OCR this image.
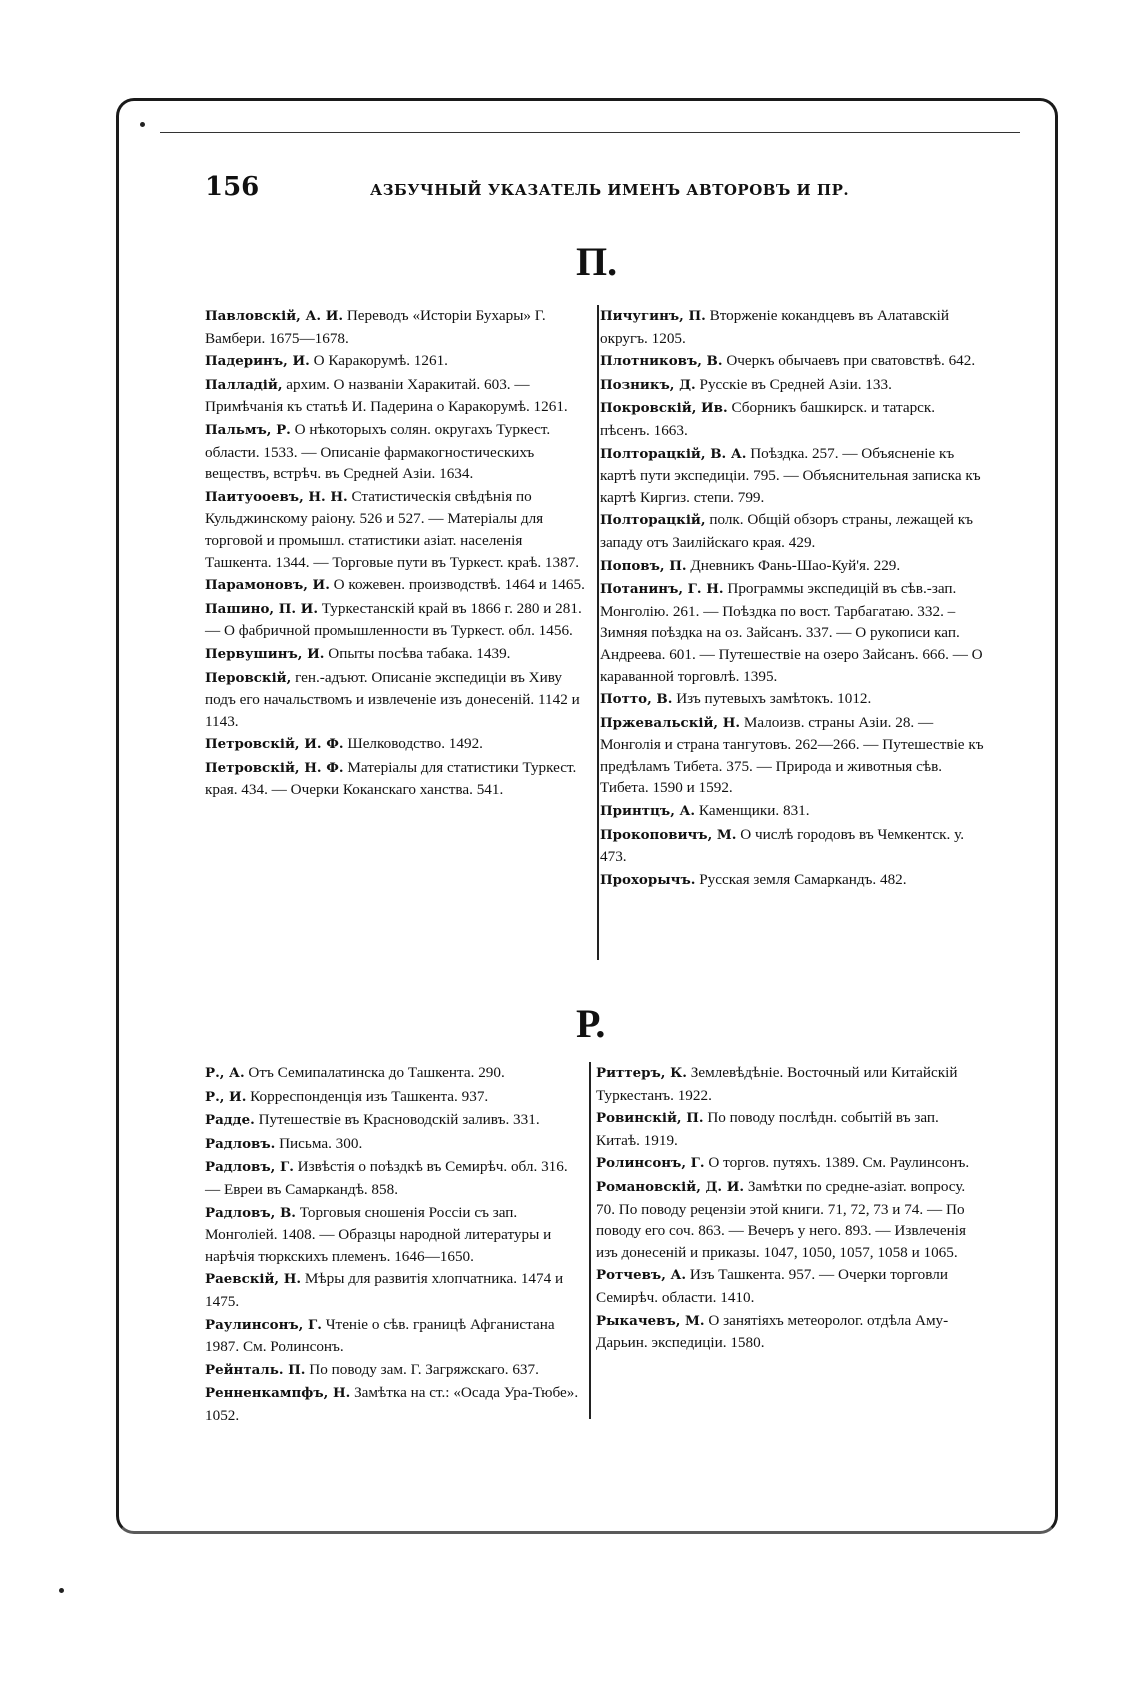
156	АЗБУЧНЫЙ УКАЗАТЕЛЬ ИМЕНЪ АВТОРОВЪ И ПР.
П.

Павловскій, А. И. Переводъ «Исторіи Бухары» Г. Вамбери. 1675—1678.

Падеринъ, И. О Каракорумѣ. 1261.

Палладій, архим. О названіи Харакитай. 603. — Примѣчанія къ статьѣ И. Падерина о Каракорумѣ. 1261.

Пальмъ, Р. О нѣкоторыхъ солян. округахъ Туркест. области. 1533. — Описаніе фармакогностическихъ веществъ, встрѣч. въ Средней Азіи. 1634.

Паитуооевъ, Н. Н. Статистическія свѣдѣнія по Кульджинскому раіону. 526 и 527. — Матеріалы для торговой и промышл. статистики азіат. населенія Ташкента. 1344. — Торговые пути въ Туркест. краѣ. 1387.

Парамоновъ, И. О кожевен. производствѣ. 1464 и 1465.

Пашино, П. И. Туркестанскій край въ 1866 г. 280 и 281. — О фабричной промышленности въ Туркест. обл. 1456.

Первушинъ, И. Опыты посѣва табака. 1439.

Перовскій, ген.-адъют. Описаніе экспедиціи въ Хиву подъ его начальствомъ и извлеченіе изъ донесеній. 1142 и 1143.

Петровскій, И. Ф. Шелководство. 1492.

Петровскій, Н. Ф. Матеріалы для статистики Туркест. края. 434. — Очерки Коканскаго ханства. 541.

Пичугинъ, П. Вторженіе кокандцевъ въ Алатавскій округъ. 1205.

Плотниковъ, В. Очеркъ обычаевъ при сватовствѣ. 642.

Позникъ, Д. Русскіе въ Средней Азіи. 133.

Покровскій, Ив. Сборникъ башкирск. и татарск. пѣсенъ. 1663.

Полторацкій, В. А. Поѣздка. 257. — Объясненіе къ картѣ пути экспедиціи. 795. — Объяснительная записка къ картѣ Киргиз. степи. 799.

Полторацкій, полк. Общій обзоръ страны, лежащей къ западу отъ Заилійскаго края. 429.

Поповъ, П. Дневникъ Фань-Шао-Куй'я. 229.

Потанинъ, Г. Н. Программы экспедицій въ сѣв.-зап. Монголію. 261. — Поѣздка по вост. Тарбагатаю. 332. – Зимняя поѣздка на оз. Зайсанъ. 337. — О рукописи кап. Андреева. 601. — Путешествіе на озеро Зайсанъ. 666. — О караванной торговлѣ. 1395.

Потто, В. Изъ путевыхъ замѣтокъ. 1012.

Пржевальскій, Н. Малоизв. страны Азіи. 28. — Монголія и страна тангутовъ. 262—266. — Путешествіе къ предѣламъ Тибета. 375. — Природа и животныя сѣв. Тибета. 1590 и 1592.

Принтцъ, А. Каменщики. 831.

Прокоповичъ, М. О числѣ городовъ въ Чемкентск. у. 473.

Прохорычъ. Русская земля Самаркандъ. 482.

Р.

Р., А. Отъ Семипалатинска до Ташкента. 290.

Р., И. Корреспонденція изъ Ташкента. 937.

Радде. Путешествіе въ Красноводскій заливъ. 331.

Радловъ. Письма. 300.

Радловъ, Г. Извѣстія о поѣздкѣ въ Семирѣч. обл. 316. — Евреи въ Самаркандѣ. 858.

Радловъ, В. Торговыя сношенія Россіи съ зап. Монголіей. 1408. — Образцы народной литературы и нарѣчія тюркскихъ племенъ. 1646—1650.

Раевскій, Н. Мѣры для развитія хлопчатника. 1474 и 1475.

Раулинсонъ, Г. Чтеніе о сѣв. границѣ Афганистана 1987. См. Ролинсонъ.

Рейнталь. П. По поводу зам. Г. Загряжскаго. 637.

Ренненкампфъ, Н. Замѣтка на ст.: «Осада Ура-Тюбе». 1052.

Риттеръ, К. Землевѣдѣніе. Восточный или Китайскій Туркестанъ. 1922.

Ровинскій, П. По поводу послѣдн. событій въ зап. Китаѣ. 1919.

Ролинсонъ, Г. О торгов. путяхъ. 1389. См. Раулинсонъ.

Романовскій, Д. И. Замѣтки по средне-азіат. вопросу. 70. По поводу рецензіи этой книги. 71, 72, 73 и 74. — По поводу его соч. 863. — Вечеръ у него. 893. — Извлеченія изъ донесеній и приказы. 1047, 1050, 1057, 1058 и 1065.

Ротчевъ, А. Изъ Ташкента. 957. — Очерки торговли Семирѣч. области. 1410.

Рыкачевъ, М. О занятіяхъ метеоролог. отдѣла Аму-Дарьин. экспедиціи. 1580.
